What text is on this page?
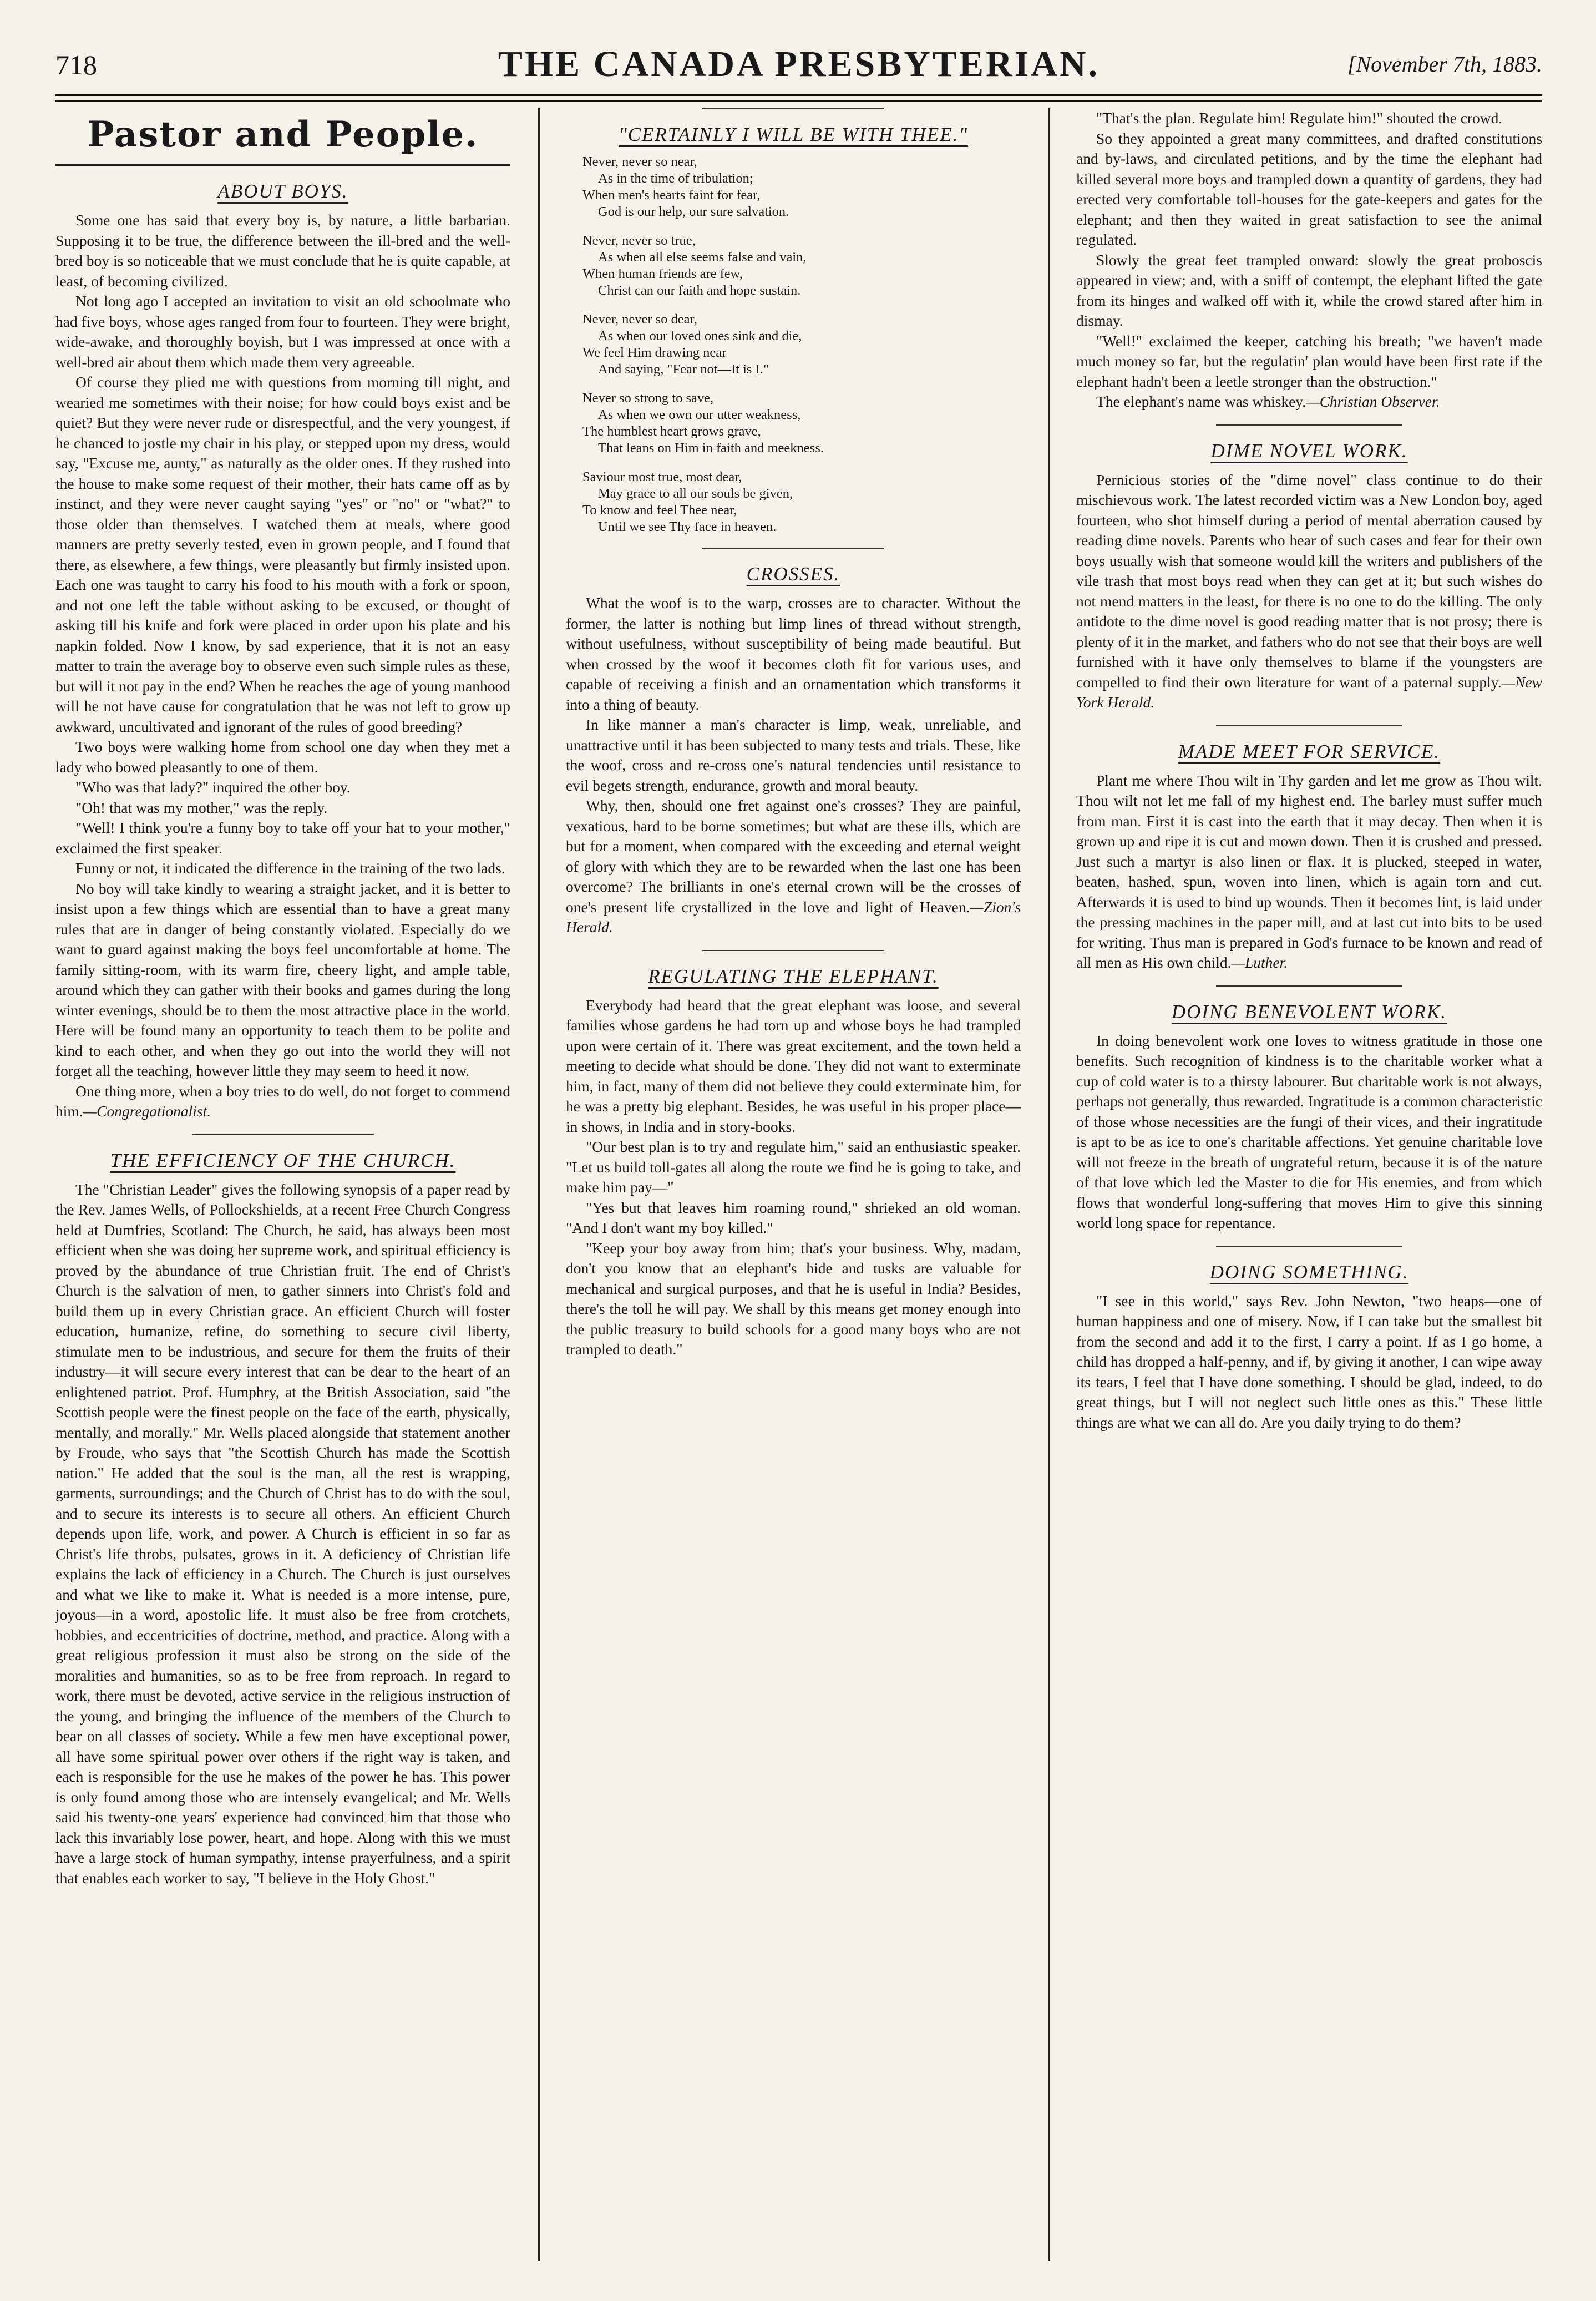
718	THE CANADA PRESBYTERIAN.	[November 7th, 1883.
Pastor and People.
ABOUT BOYS.

Some one has said that every boy is, by nature, a little barbarian. Supposing it to be true, the difference between the ill-bred and the well-bred boy is so noticeable that we must conclude that he is quite capable, at least, of becoming civilized.

Not long ago I accepted an invitation to visit an old schoolmate who had five boys, whose ages ranged from four to fourteen. They were bright, wide-awake, and thoroughly boyish, but I was impressed at once with a well-bred air about them which made them very agreeable.

Of course they plied me with questions from morning till night, and wearied me sometimes with their noise; for how could boys exist and be quiet? But they were never rude or disrespectful, and the very youngest, if he chanced to jostle my chair in his play, or stepped upon my dress, would say, "Excuse me, aunty," as naturally as the older ones. If they rushed into the house to make some request of their mother, their hats came off as by instinct, and they were never caught saying "yes" or "no" or "what?" to those older than themselves. I watched them at meals, where good manners are pretty severly tested, even in grown people, and I found that there, as elsewhere, a few things, were pleasantly but firmly insisted upon. Each one was taught to carry his food to his mouth with a fork or spoon, and not one left the table without asking to be excused, or thought of asking till his knife and fork were placed in order upon his plate and his napkin folded. Now I know, by sad experience, that it is not an easy matter to train the average boy to observe even such simple rules as these, but will it not pay in the end? When he reaches the age of young manhood will he not have cause for congratulation that he was not left to grow up awkward, uncultivated and ignorant of the rules of good breeding?

Two boys were walking home from school one day when they met a lady who bowed pleasantly to one of them.

"Who was that lady?" inquired the other boy.

"Oh! that was my mother," was the reply.

"Well! I think you're a funny boy to take off your hat to your mother," exclaimed the first speaker.

Funny or not, it indicated the difference in the training of the two lads.

No boy will take kindly to wearing a straight jacket, and it is better to insist upon a few things which are essential than to have a great many rules that are in danger of being constantly violated. Especially do we want to guard against making the boys feel uncomfortable at home. The family sitting-room, with its warm fire, cheery light, and ample table, around which they can gather with their books and games during the long winter evenings, should be to them the most attractive place in the world. Here will be found many an opportunity to teach them to be polite and kind to each other, and when they go out into the world they will not forget all the teaching, however little they may seem to heed it now.

One thing more, when a boy tries to do well, do not forget to commend him.—Congregationalist.

THE EFFICIENCY OF THE CHURCH.

The "Christian Leader" gives the following synopsis of a paper read by the Rev. James Wells, of Pollockshields, at a recent Free Church Congress held at Dumfries, Scotland: The Church, he said, has always been most efficient when she was doing her supreme work, and spiritual efficiency is proved by the abundance of true Christian fruit. The end of Christ's Church is the salvation of men, to gather sinners into Christ's fold and build them up in every Christian grace. An efficient Church will foster education, humanize, refine, do something to secure civil liberty, stimulate men to be industrious, and secure for them the fruits of their industry—it will secure every interest that can be dear to the heart of an enlightened patriot. Prof. Humphry, at the British Association, said "the Scottish people were the finest people on the face of the earth, physically, mentally, and morally." Mr. Wells placed alongside that statement another by Froude, who says that "the Scottish Church has made the Scottish nation." He added that the soul is the man, all the rest is wrapping, garments, surroundings; and the Church of Christ has to do with the soul, and to secure its interests is to secure all others. An efficient Church depends upon life, work, and power. A Church is efficient in so far as Christ's life throbs, pulsates, grows in it. A deficiency of Christian life explains the lack of efficiency in a Church. The Church is just ourselves and what we like to make it. What is needed is a more intense, pure, joyous—in a word, apostolic life. It must also be free from crotchets, hobbies, and eccentricities of doctrine, method, and practice. Along with a great religious profession it must also be strong on the side of the moralities and humanities, so as to be free from reproach. In regard to work, there must be devoted, active service in the religious instruction of the young, and bringing the influence of the members of the Church to bear on all classes of society. While a few men have exceptional power, all have some spiritual power over others if the right way is taken, and each is responsible for the use he makes of the power he has. This power is only found among those who are intensely evangelical; and Mr. Wells said his twenty-one years' experience had convinced him that those who lack this invariably lose power, heart, and hope. Along with this we must have a large stock of human sympathy, intense prayerfulness, and a spirit that enables each worker to say, "I believe in the Holy Ghost."

"CERTAINLY I WILL BE WITH THEE."
Never, never so near,
As in the time of tribulation;
When men's hearts faint for fear,
God is our help, our sure salvation.
Never, never so true,
As when all else seems false and vain,
When human friends are few,
Christ can our faith and hope sustain.
Never, never so dear,
As when our loved ones sink and die,
We feel Him drawing near
And saying, "Fear not—It is I."
Never so strong to save,
As when we own our utter weakness,
The humblest heart grows grave,
That leans on Him in faith and meekness.
Saviour most true, most dear,
May grace to all our souls be given,
To know and feel Thee near,
Until we see Thy face in heaven.
CROSSES.

What the woof is to the warp, crosses are to character. Without the former, the latter is nothing but limp lines of thread without strength, without usefulness, without susceptibility of being made beautiful. But when crossed by the woof it becomes cloth fit for various uses, and capable of receiving a finish and an ornamentation which transforms it into a thing of beauty.

In like manner a man's character is limp, weak, unreliable, and unattractive until it has been subjected to many tests and trials. These, like the woof, cross and re-cross one's natural tendencies until resistance to evil begets strength, endurance, growth and moral beauty.

Why, then, should one fret against one's crosses? They are painful, vexatious, hard to be borne sometimes; but what are these ills, which are but for a moment, when compared with the exceeding and eternal weight of glory with which they are to be rewarded when the last one has been overcome? The brilliants in one's eternal crown will be the crosses of one's present life crystallized in the love and light of Heaven.—Zion's Herald.

REGULATING THE ELEPHANT.

Everybody had heard that the great elephant was loose, and several families whose gardens he had torn up and whose boys he had trampled upon were certain of it. There was great excitement, and the town held a meeting to decide what should be done. They did not want to exterminate him, in fact, many of them did not believe they could exterminate him, for he was a pretty big elephant. Besides, he was useful in his proper place—in shows, in India and in story-books.

"Our best plan is to try and regulate him," said an enthusiastic speaker. "Let us build toll-gates all along the route we find he is going to take, and make him pay—"

"Yes but that leaves him roaming round," shrieked an old woman. "And I don't want my boy killed."

"Keep your boy away from him; that's your business. Why, madam, don't you know that an elephant's hide and tusks are valuable for mechanical and surgical purposes, and that he is useful in India? Besides, there's the toll he will pay. We shall by this means get money enough into the public treasury to build schools for a good many boys who are not trampled to death."

"That's the plan. Regulate him! Regulate him!" shouted the crowd.

So they appointed a great many committees, and drafted constitutions and by-laws, and circulated petitions, and by the time the elephant had killed several more boys and trampled down a quantity of gardens, they had erected very comfortable toll-houses for the gate-keepers and gates for the elephant; and then they waited in great satisfaction to see the animal regulated.

Slowly the great feet trampled onward: slowly the great proboscis appeared in view; and, with a sniff of contempt, the elephant lifted the gate from its hinges and walked off with it, while the crowd stared after him in dismay.

"Well!" exclaimed the keeper, catching his breath; "we haven't made much money so far, but the regulatin' plan would have been first rate if the elephant hadn't been a leetle stronger than the obstruction."

The elephant's name was whiskey.—Christian Observer.

DIME NOVEL WORK.

Pernicious stories of the "dime novel" class continue to do their mischievous work. The latest recorded victim was a New London boy, aged fourteen, who shot himself during a period of mental aberration caused by reading dime novels. Parents who hear of such cases and fear for their own boys usually wish that someone would kill the writers and publishers of the vile trash that most boys read when they can get at it; but such wishes do not mend matters in the least, for there is no one to do the killing. The only antidote to the dime novel is good reading matter that is not prosy; there is plenty of it in the market, and fathers who do not see that their boys are well furnished with it have only themselves to blame if the youngsters are compelled to find their own literature for want of a paternal supply.—New York Herald.

MADE MEET FOR SERVICE.

Plant me where Thou wilt in Thy garden and let me grow as Thou wilt. Thou wilt not let me fall of my highest end. The barley must suffer much from man. First it is cast into the earth that it may decay. Then when it is grown up and ripe it is cut and mown down. Then it is crushed and pressed. Just such a martyr is also linen or flax. It is plucked, steeped in water, beaten, hashed, spun, woven into linen, which is again torn and cut. Afterwards it is used to bind up wounds. Then it becomes lint, is laid under the pressing machines in the paper mill, and at last cut into bits to be used for writing. Thus man is prepared in God's furnace to be known and read of all men as His own child.—Luther.

DOING BENEVOLENT WORK.

In doing benevolent work one loves to witness gratitude in those one benefits. Such recognition of kindness is to the charitable worker what a cup of cold water is to a thirsty labourer. But charitable work is not always, perhaps not generally, thus rewarded. Ingratitude is a common characteristic of those whose necessities are the fungi of their vices, and their ingratitude is apt to be as ice to one's charitable affections. Yet genuine charitable love will not freeze in the breath of ungrateful return, because it is of the nature of that love which led the Master to die for His enemies, and from which flows that wonderful long-suffering that moves Him to give this sinning world long space for repentance.

DOING SOMETHING.

"I see in this world," says Rev. John Newton, "two heaps—one of human happiness and one of misery. Now, if I can take but the smallest bit from the second and add it to the first, I carry a point. If as I go home, a child has dropped a half-penny, and if, by giving it another, I can wipe away its tears, I feel that I have done something. I should be glad, indeed, to do great things, but I will not neglect such little ones as this." These little things are what we can all do. Are you daily trying to do them?
